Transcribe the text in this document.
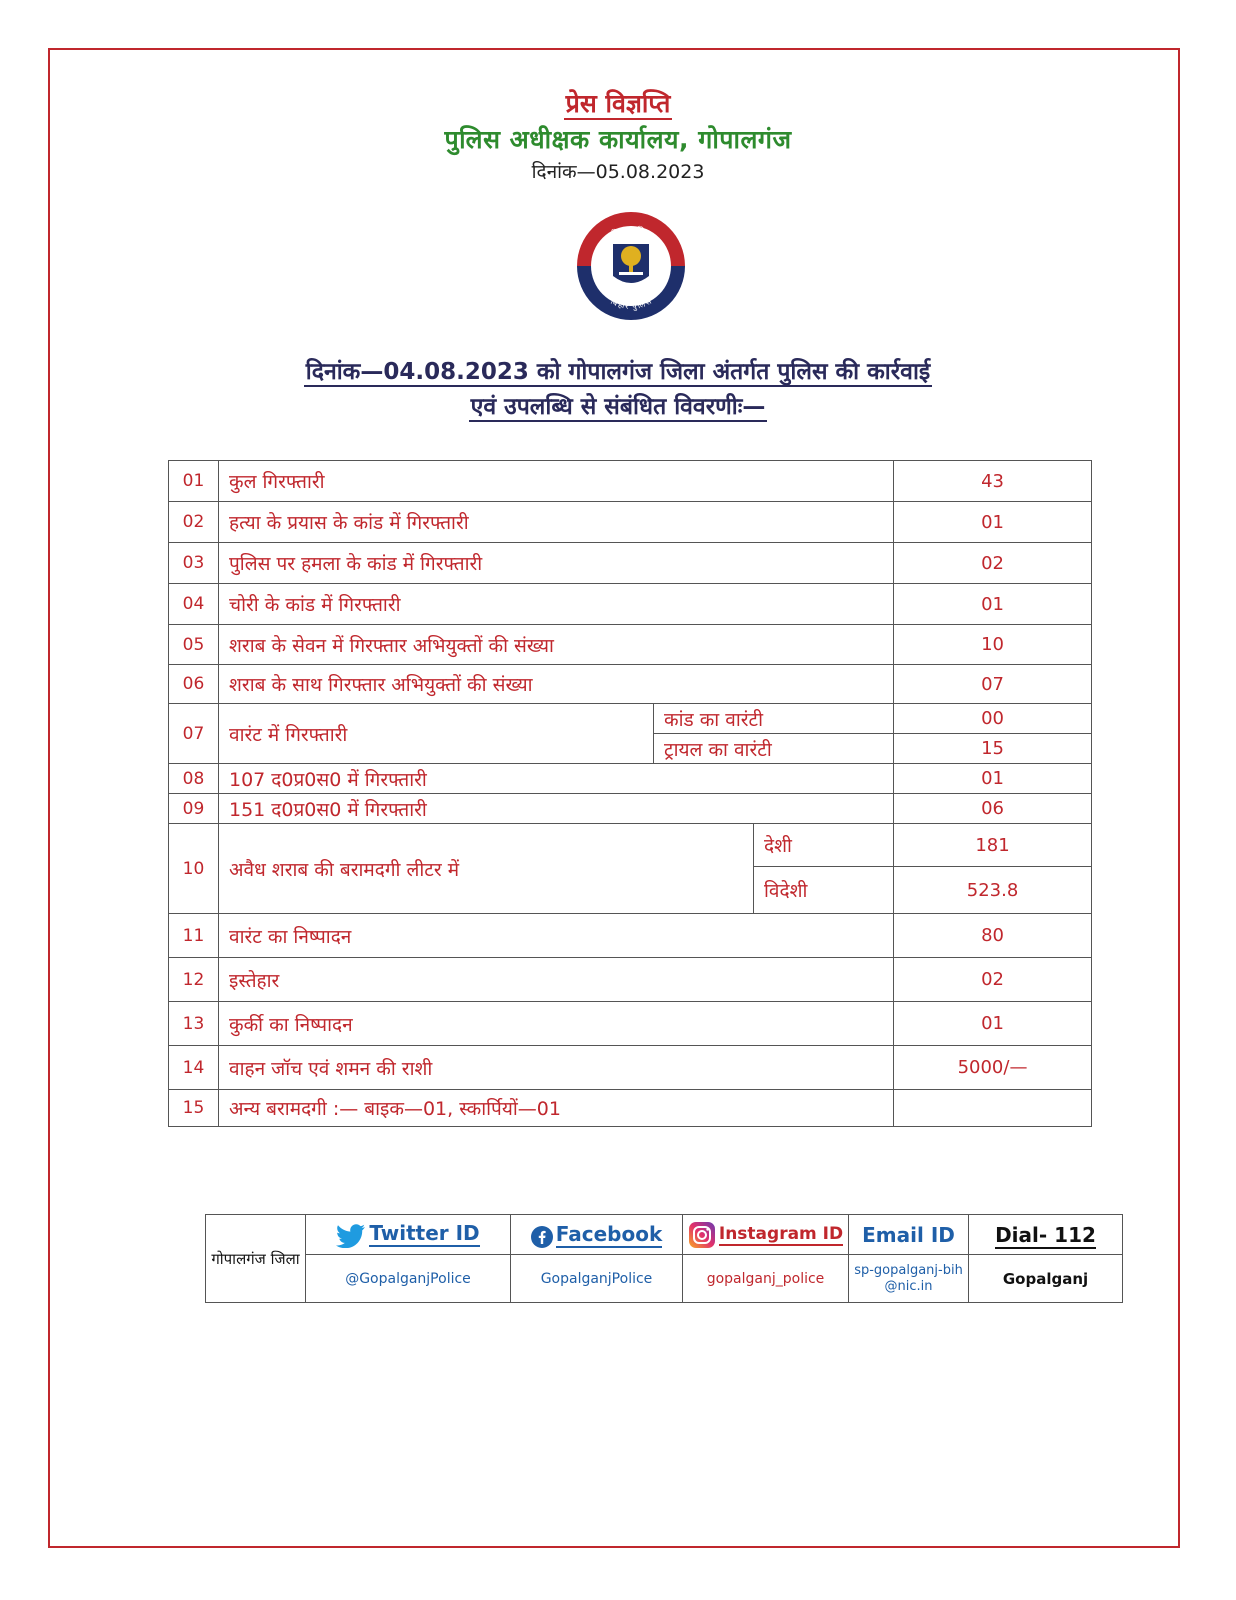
प्रेस विज्ञप्ति
पुलिस अधीक्षक कार्यालय, गोपालगंज
दिनांक—05.08.2023
बिहार पुलिस
बिहार पुलिस
दिनांक—04.08.2023 को गोपालगंज जिला अंतर्गत पुलिस की कार्रवाई
एवं उपलब्धि से संबंधित विवरणीः—
01	कुल गिरफ्तारी			43
02	हत्या के प्रयास के कांड में गिरफ्तारी			01
03	पुलिस पर हमला के कांड में गिरफ्तारी			02
04	चोरी के कांड में गिरफ्तारी			01
05	शराब के सेवन में गिरफ्तार अभियुक्तों की संख्या			10
06	शराब के साथ गिरफ्तार अभियुक्तों की संख्या			07
07	वारंट में गिरफ्तारी	कांड का वारंटी		00
		ट्रायल का वारंटी		15
08	107 द0प्र0स0 में गिरफ्तारी			01
09	151 द0प्र0स0 में गिरफ्तारी			06
10	अवैध शराब की बरामदगी लीटर में		देशी	181
			विदेशी	523.8
11	वारंट का निष्पादन			80
12	इस्तेहार			02
13	कुर्की का निष्पादन			01
14	वाहन जॉच एवं शमन की राशी			5000/—
15	अन्य बरामदगी :— बाइक—01, स्कार्पियों—01			
गोपालगंज जिला	Twitter ID	Facebook	Instagram ID	Email ID	Dial- 112
	@GopalganjPolice	GopalganjPolice	gopalganj_police	sp-gopalganj-bih@nic.in	Gopalganj
